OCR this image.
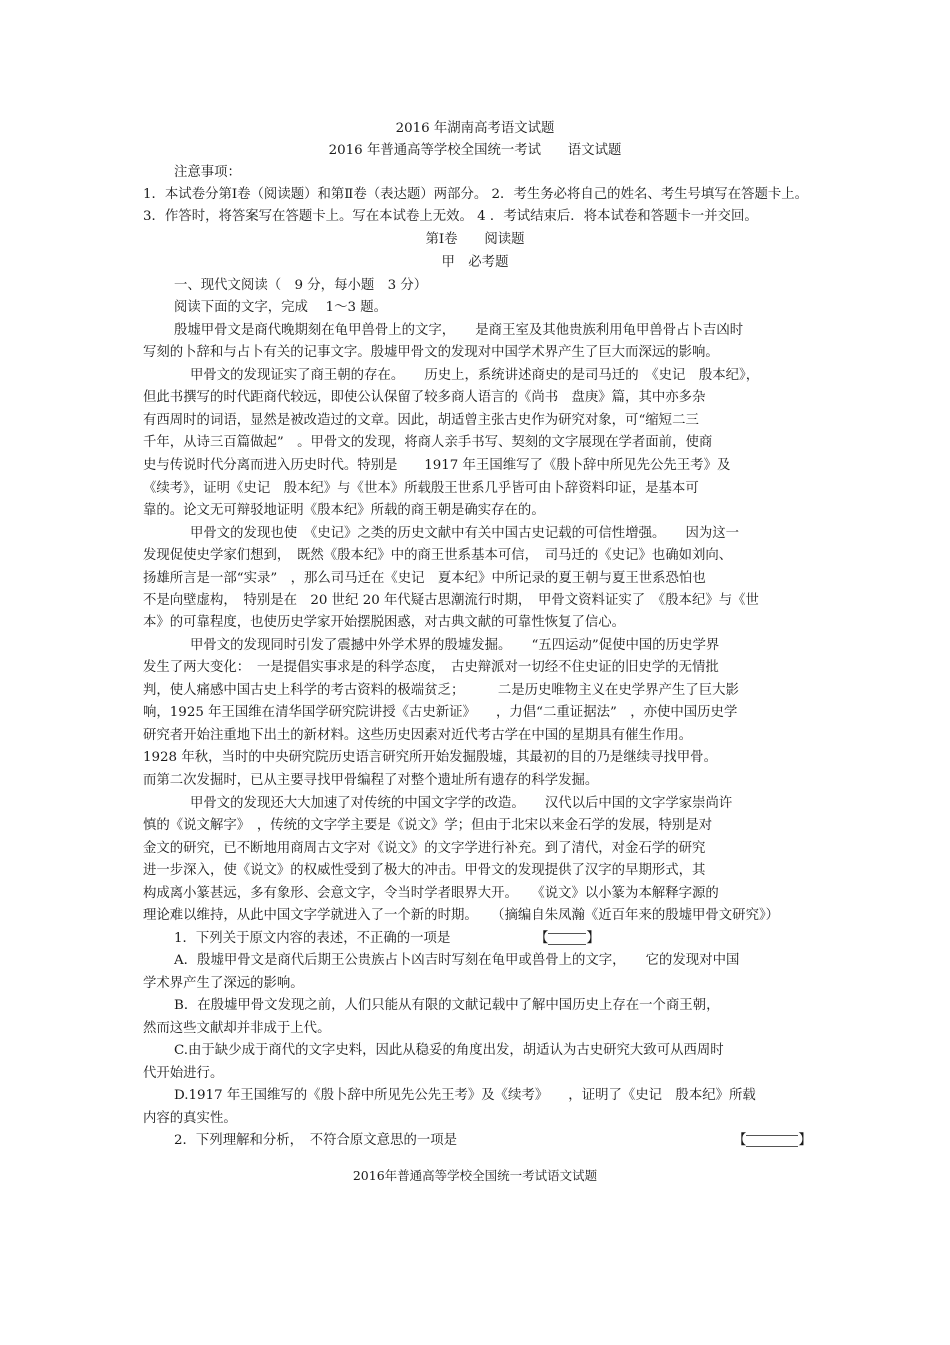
2016 年湖南高考语文试题
2016 年普通高等学校全国统一考试　　语文试题
注意事项：
1．本试卷分第Ⅰ卷（阅读题）和第Ⅱ卷（表达题）两部分。 2．考生务必将自己的姓名、考生号填写在答题卡上。
3．作答时，将答案写在答题卡上。写在本试卷上无效。 4 ．考试结束后．将本试卷和答题卡一并交回。
第Ⅰ卷　　阅读题
甲　必考题
一、现代文阅读（　9 分，每小题　3 分）
阅读下面的文字，完成　 1～3 题。
殷墟甲骨文是商代晚期刻在龟甲兽骨上的文字，　　是商王室及其他贵族利用龟甲兽骨占卜吉凶时
写刻的卜辞和与占卜有关的记事文字。殷墟甲骨文的发现对中国学术界产生了巨大而深远的影响。
甲骨文的发现证实了商王朝的存在。　　历史上，系统讲述商史的是司马迁的　《史记　殷本纪》，
但此书撰写的时代距商代较远，即使公认保留了较多商人语言的《尚书　盘庚》篇，其中亦多杂
有西周时的词语，显然是被改造过的文章。因此，胡适曾主张古史作为研究对象，可“缩短二三
千年，从诗三百篇做起”　。甲骨文的发现，将商人亲手书写、契刻的文字展现在学者面前，使商
史与传说时代分离而进入历史时代。特别是　　1917 年王国维写了《殷卜辞中所见先公先王考》及
《续考》，证明《史记　殷本纪》与《世本》所载殷王世系几乎皆可由卜辞资料印证，是基本可
靠的。论文无可辩驳地证明《殷本纪》所载的商王朝是确实存在的。
甲骨文的发现也使　《史记》之类的历史文献中有关中国古史记载的可信性增强。　　因为这一
发现促使史学家们想到，　既然《殷本纪》中的商王世系基本可信，　司马迁的《史记》也确如刘向、
扬雄所言是一部“实录”　，那么司马迁在《史记　夏本纪》中所记录的夏王朝与夏王世系恐怕也
不是向壁虚构，　特别是在　20 世纪 20 年代疑古思潮流行时期，　甲骨文资料证实了　《殷本纪》与《世
本》的可靠程度，也使历史学家开始摆脱困惑，对古典文献的可靠性恢复了信心。
甲骨文的发现同时引发了震撼中外学术界的殷墟发掘。　　“五四运动”促使中国的历史学界
发生了两大变化：　一是提倡实事求是的科学态度，　古史辩派对一切经不住史证的旧史学的无情批
判，使人痛感中国古史上科学的考古资料的极端贫乏；　　　二是历史唯物主义在史学界产生了巨大影
响，1925 年王国维在清华国学研究院讲授《古史新证》　　，力倡“二重证据法”　，亦使中国历史学
研究者开始注重地下出土的新材料。这些历史因素对近代考古学在中国的星期具有催生作用。
1928 年秋，当时的中央研究院历史语言研究所开始发掘殷墟，其最初的目的乃是继续寻找甲骨。
而第二次发掘时，已从主要寻找甲骨编程了对整个遗址所有遗存的科学发掘。
甲骨文的发现还大大加速了对传统的中国文字学的改造。　　汉代以后中国的文字学家崇尚许
慎的《说文解字》　，传统的文字学主要是《说文》学；但由于北宋以来金石学的发展，特别是对
金文的研究，已不断地用商周古文字对《说文》的文字学进行补充。到了清代，对金石学的研究
进一步深入，使《说文》的权威性受到了极大的冲击。甲骨文的发现提供了汉字的早期形式，其
构成离小篆甚远，多有象形、会意文字，令当时学者眼界大开。　　《说文》以小篆为本解释字源的
理论难以维持，从此中国文字学就进入了一个新的时期。　　（摘编自朱凤瀚《近百年来的殷墟甲骨文研究》）
1．下列关于原文内容的表述，不正确的一项是	【	】
A．殷墟甲骨文是商代后期王公贵族占卜凶吉时写刻在龟甲或兽骨上的文字，　　它的发现对中国
学术界产生了深远的影响。
B．在殷墟甲骨文发现之前，人们只能从有限的文献记载中了解中国历史上存在一个商王朝，
然而这些文献却并非成于上代。
C.由于缺少成于商代的文字史料，因此从稳妥的角度出发，胡适认为古史研究大致可从西周时
代开始进行。
D.1917 年王国维写的《殷卜辞中所见先公先王考》及《续考》　　，证明了《史记　殷本纪》所载
内容的真实性。
2．下列理解和分析，　不符合原文意思的一项是	【	】
2016年普通高等学校全国统一考试语文试题
